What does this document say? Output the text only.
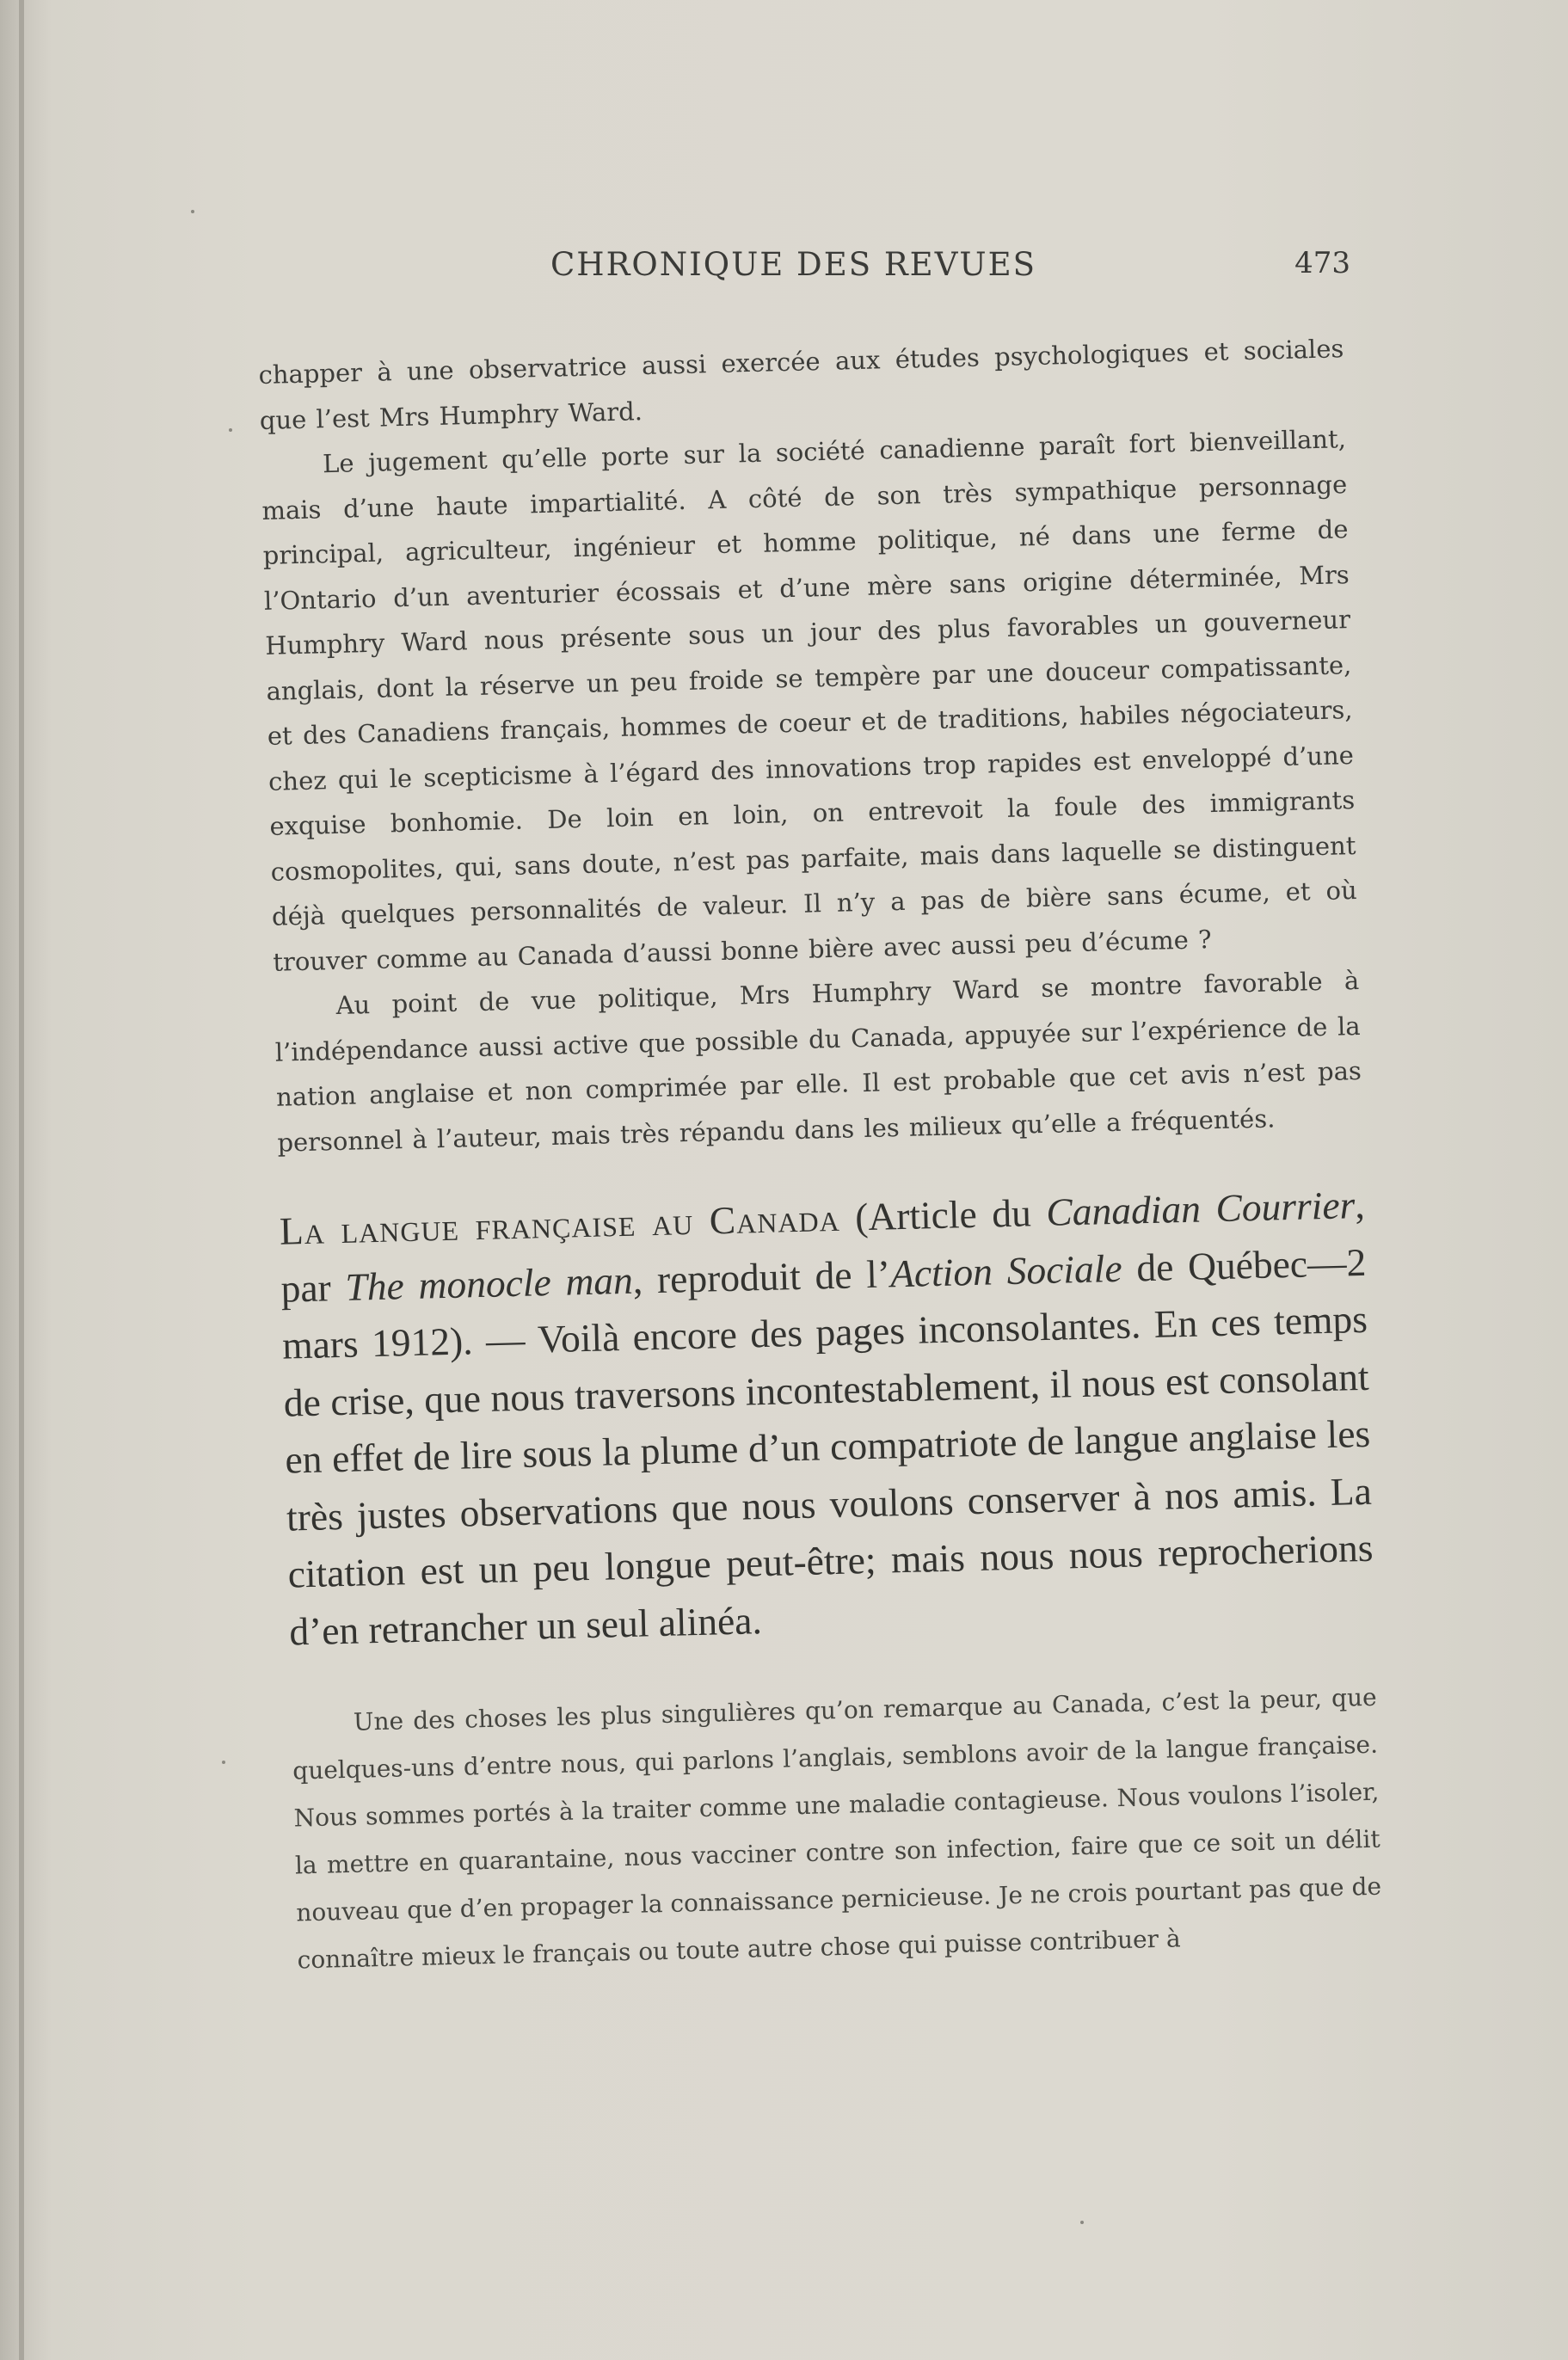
CHRONIQUE DES REVUES	473

chapper à une observatrice aussi exercée aux études psychologiques et sociales que l’est Mrs Humphry Ward.

Le jugement qu’elle porte sur la société canadienne paraît fort bienveillant, mais d’une haute impartialité. A côté de son très sympathique personnage principal, agriculteur, ingénieur et homme politique, né dans une ferme de l’Ontario d’un aventurier écossais et d’une mère sans origine déterminée, Mrs Humphry Ward nous présente sous un jour des plus favorables un gouverneur anglais, dont la réserve un peu froide se tempère par une douceur compatissante, et des Canadiens français, hommes de coeur et de traditions, habiles négociateurs, chez qui le scepticisme à l’égard des innovations trop rapides est enveloppé d’une exquise bonhomie. De loin en loin, on entrevoit la foule des immigrants cosmopolites, qui, sans doute, n’est pas parfaite, mais dans laquelle se distinguent déjà quelques personnalités de valeur. Il n’y a pas de bière sans écume, et où trouver comme au Canada d’aussi bonne bière avec aussi peu d’écume ?

Au point de vue politique, Mrs Humphry Ward se montre favorable à l’indépendance aussi active que possible du Canada, appuyée sur l’expérience de la nation anglaise et non comprimée par elle. Il est probable que cet avis n’est pas personnel à l’auteur, mais très répandu dans les milieux qu’elle a fréquentés.

La langue française au Canada (Article du Canadian Courrier, par The monocle man, reproduit de l’Action Sociale de Québec—2 mars 1912). — Voilà encore des pages inconsolantes. En ces temps de crise, que nous traversons incontestablement, il nous est consolant en effet de lire sous la plume d’un compatriote de langue anglaise les très justes observations que nous voulons conserver à nos amis. La citation est un peu longue peut-être; mais nous nous reprocherions d’en retrancher un seul alinéa.

Une des choses les plus singulières qu’on remarque au Canada, c’est la peur, que quelques-uns d’entre nous, qui parlons l’anglais, semblons avoir de la langue française. Nous sommes portés à la traiter comme une maladie contagieuse. Nous voulons l’isoler, la mettre en quarantaine, nous vacciner contre son infection, faire que ce soit un délit nouveau que d’en propager la connaissance pernicieuse. Je ne crois pourtant pas que de connaître mieux le français ou toute autre chose qui puisse contribuer à
